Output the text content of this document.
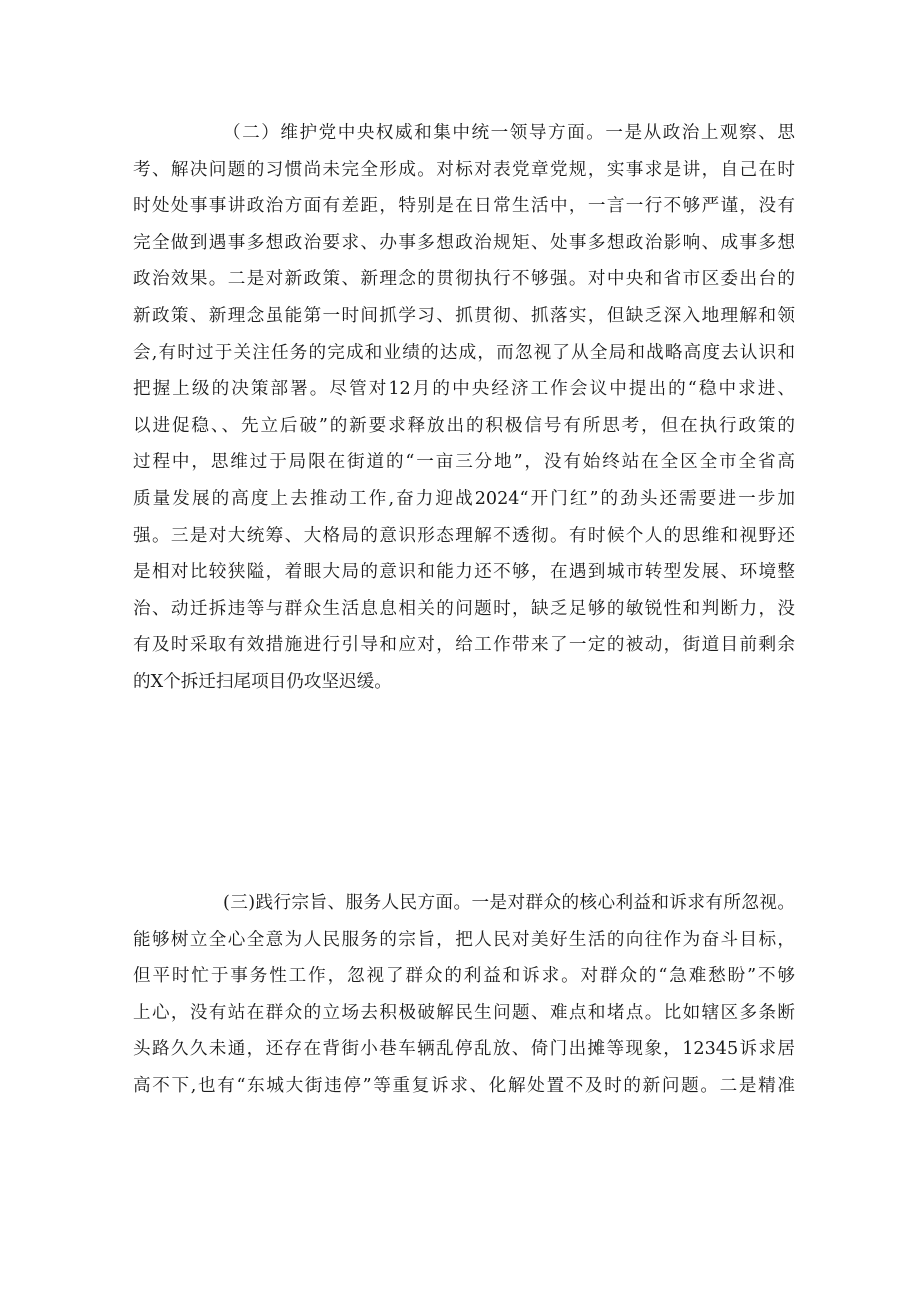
（二）维护党中央权威和集中统一领导方面。一是从政治上观察、思
考、解决问题的习惯尚未完全形成。对标对表党章党规，实事求是讲，自己在时
时处处事事讲政治方面有差距，特别是在日常生活中，一言一行不够严谨，没有
完全做到遇事多想政治要求、办事多想政治规矩、处事多想政治影响、成事多想
政治效果。二是对新政策、新理念的贯彻执行不够强。对中央和省市区委出台的
新政策、新理念虽能第一时间抓学习、抓贯彻、抓落实，但缺乏深入地理解和领
会,有时过于关注任务的完成和业绩的达成，而忽视了从全局和战略高度去认识和
把握上级的决策部署。尽管对12月的中央经济工作会议中提出的“稳中求进、
以进促稳、、先立后破”的新要求释放出的积极信号有所思考，但在执行政策的
过程中，思维过于局限在街道的“一亩三分地”，没有始终站在全区全市全省高
质量发展的高度上去推动工作,奋力迎战2024“开门红”的劲头还需要进一步加
强。三是对大统筹、大格局的意识形态理解不透彻。有时候个人的思维和视野还
是相对比较狭隘，着眼大局的意识和能力还不够，在遇到城市转型发展、环境整
治、动迁拆违等与群众生活息息相关的问题时，缺乏足够的敏锐性和判断力，没
有及时采取有效措施进行引导和应对，给工作带来了一定的被动，街道目前剩余
的X个拆迁扫尾项目仍攻坚迟缓。
(三)践行宗旨、服务人民方面。一是对群众的核心利益和诉求有所忽视。
能够树立全心全意为人民服务的宗旨，把人民对美好生活的向往作为奋斗目标，
但平时忙于事务性工作，忽视了群众的利益和诉求。对群众的“急难愁盼”不够
上心，没有站在群众的立场去积极破解民生问题、难点和堵点。比如辖区多条断
头路久久未通，还存在背街小巷车辆乱停乱放、倚门出摊等现象，12345诉求居
高不下,也有“东城大街违停”等重复诉求、化解处置不及时的新问题。二是精准
